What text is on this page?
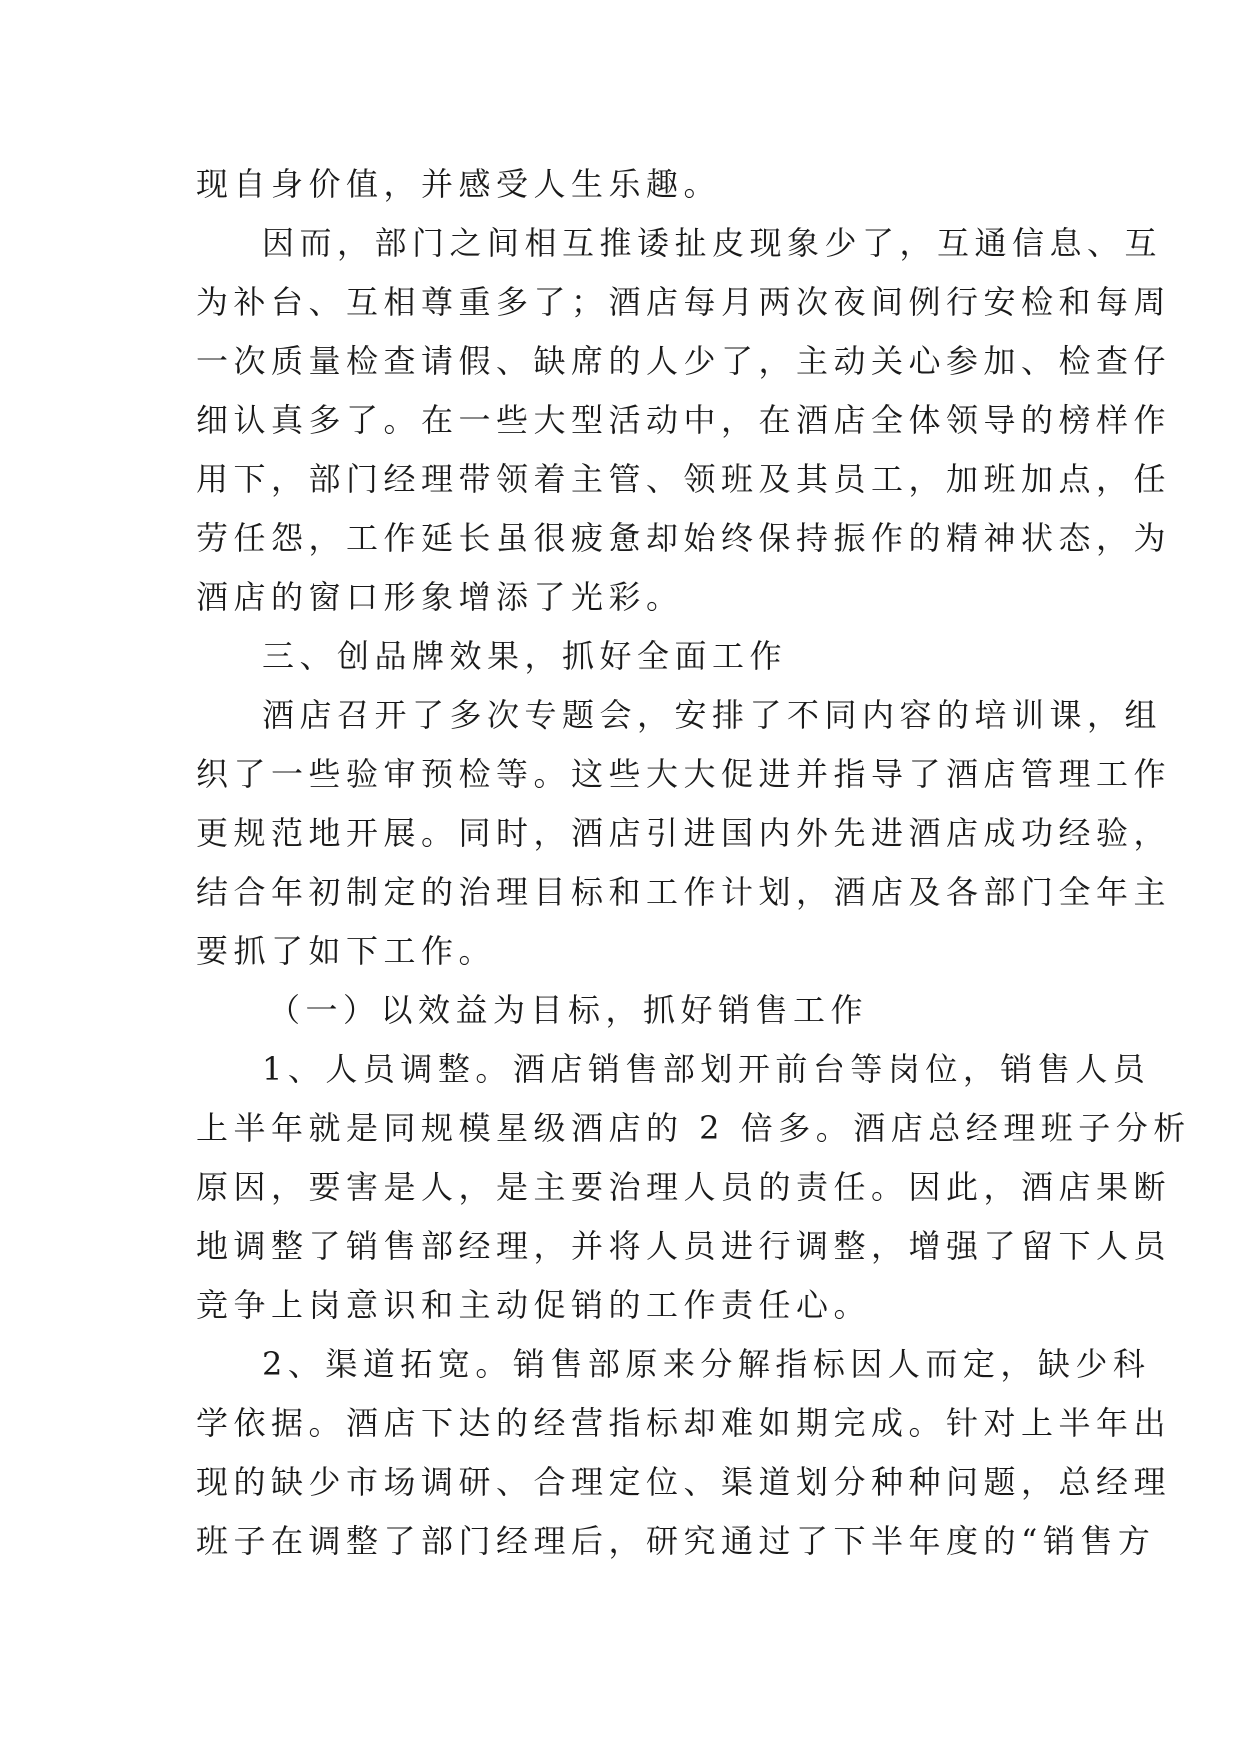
现自身价值，并感受人生乐趣。
因而，部门之间相互推诿扯皮现象少了，互通信息、互
为补台、互相尊重多了；酒店每月两次夜间例行安检和每周
一次质量检查请假、缺席的人少了，主动关心参加、检查仔
细认真多了。在一些大型活动中，在酒店全体领导的榜样作
用下，部门经理带领着主管、领班及其员工，加班加点，任
劳任怨，工作延长虽很疲惫却始终保持振作的精神状态，为
酒店的窗口形象增添了光彩。
三、创品牌效果，抓好全面工作
酒店召开了多次专题会，安排了不同内容的培训课，组
织了一些验审预检等。这些大大促进并指导了酒店管理工作
更规范地开展。同时，酒店引进国内外先进酒店成功经验，
结合年初制定的治理目标和工作计划，酒店及各部门全年主
要抓了如下工作。
（一）以效益为目标，抓好销售工作
1、人员调整。酒店销售部划开前台等岗位，销售人员
上半年就是同规模星级酒店的 2 倍多。酒店总经理班子分析
原因，要害是人，是主要治理人员的责任。因此，酒店果断
地调整了销售部经理，并将人员进行调整，增强了留下人员
竞争上岗意识和主动促销的工作责任心。
2、渠道拓宽。销售部原来分解指标因人而定，缺少科
学依据。酒店下达的经营指标却难如期完成。针对上半年出
现的缺少市场调研、合理定位、渠道划分种种问题，总经理
班子在调整了部门经理后，研究通过了下半年度的“销售方
